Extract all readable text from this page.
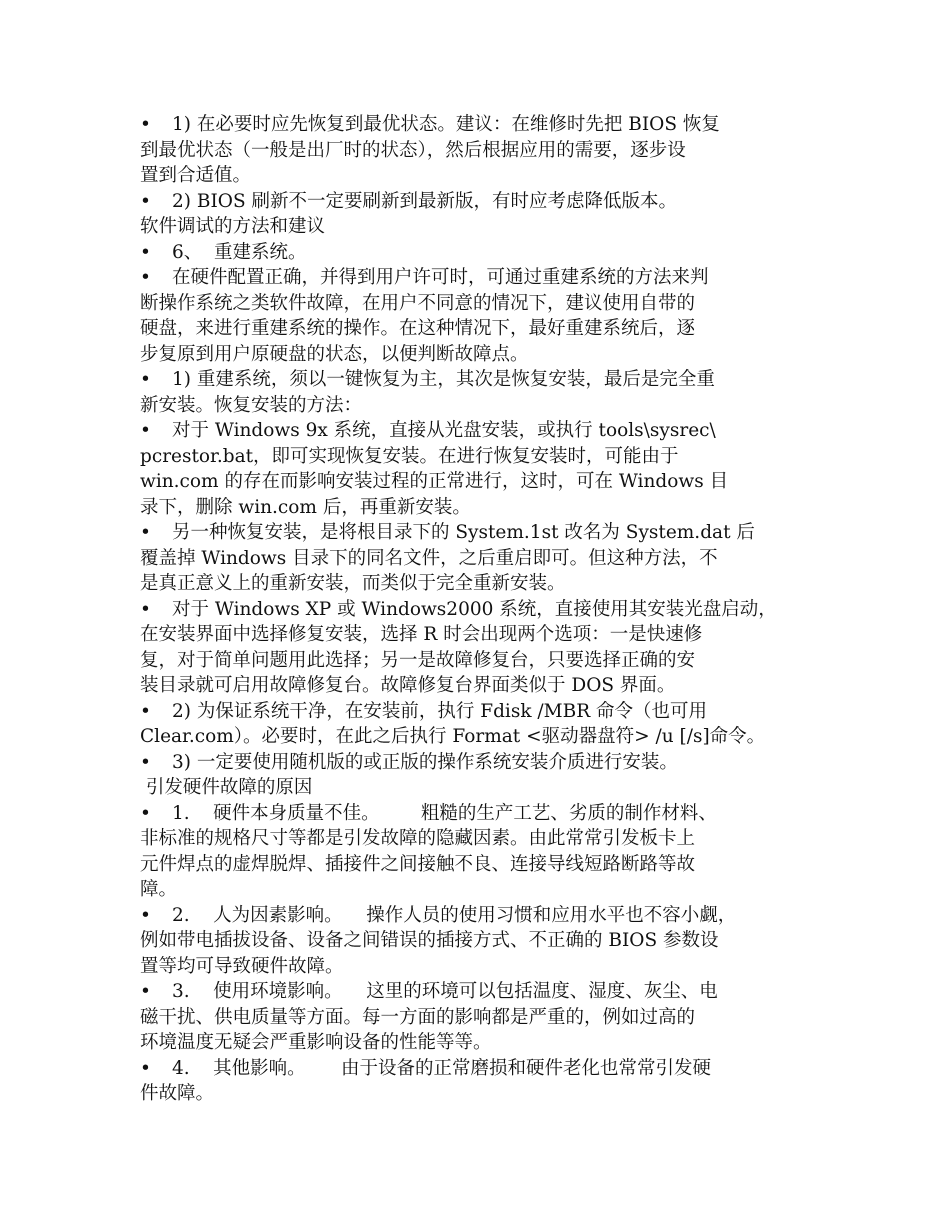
• 1) 在必要时应先恢复到最优状态。建议：在维修时先把 BIOS 恢复
到最优状态（一般是出厂时的状态），然后根据应用的需要，逐步设
置到合适值。
• 2) BIOS 刷新不一定要刷新到最新版，有时应考虑降低版本。
软件调试的方法和建议
• 6、  重建系统。
• 在硬件配置正确，并得到用户许可时，可通过重建系统的方法来判
断操作系统之类软件故障，在用户不同意的情况下，建议使用自带的
硬盘，来进行重建系统的操作。在这种情况下，最好重建系统后，逐
步复原到用户原硬盘的状态，以便判断故障点。
• 1) 重建系统，须以一键恢复为主，其次是恢复安装，最后是完全重
新安装。恢复安装的方法：
• 对于 Windows 9x 系统，直接从光盘安装，或执行 tools\sysrec\
pcrestor.bat，即可实现恢复安装。在进行恢复安装时，可能由于
win.com 的存在而影响安装过程的正常进行，这时，可在 Windows 目
录下，删除 win.com 后，再重新安装。
• 另一种恢复安装，是将根目录下的 System.1st 改名为 System.dat 后
覆盖掉 Windows 目录下的同名文件，之后重启即可。但这种方法，不
是真正意义上的重新安装，而类似于完全重新安装。
• 对于 Windows XP 或 Windows2000 系统，直接使用其安装光盘启动，
在安装界面中选择修复安装，选择 R 时会出现两个选项：一是快速修
复，对于简单问题用此选择；另一是故障修复台，只要选择正确的安
装目录就可启用故障修复台。故障修复台界面类似于 DOS 界面。
• 2) 为保证系统干净，在安装前，执行 Fdisk /MBR 命令（也可用
Clear.com）。必要时，在此之后执行 Format <驱动器盘符> /u [/s]命令。
• 3) 一定要使用随机版的或正版的操作系统安装介质进行安装。
引发硬件故障的原因
• 1.    硬件本身质量不佳。       粗糙的生产工艺、劣质的制作材料、
非标准的规格尺寸等都是引发故障的隐藏因素。由此常常引发板卡上
元件焊点的虚焊脱焊、插接件之间接触不良、连接导线短路断路等故
障。
• 2.    人为因素影响。    操作人员的使用习惯和应用水平也不容小觑，
例如带电插拔设备、设备之间错误的插接方式、不正确的 BIOS 参数设
置等均可导致硬件故障。
• 3.    使用环境影响。    这里的环境可以包括温度、湿度、灰尘、电
磁干扰、供电质量等方面。每一方面的影响都是严重的，例如过高的
环境温度无疑会严重影响设备的性能等等。
• 4.    其他影响。      由于设备的正常磨损和硬件老化也常常引发硬
件故障。
